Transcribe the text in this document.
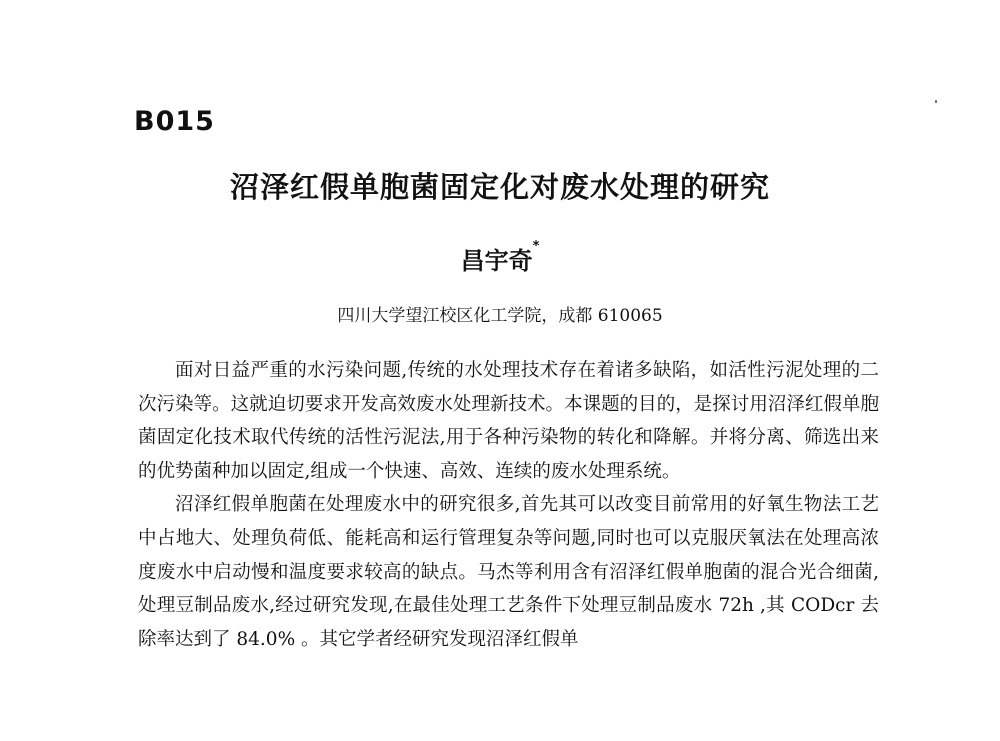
B015
沼泽红假单胞菌固定化对废水处理的研究
昌宇奇*
四川大学望江校区化工学院，成都 610065

面对日益严重的水污染问题,传统的水处理技术存在着诸多缺陷，如活性污泥处理的二次污染等。这就迫切要求开发高效废水处理新技术。本课题的目的，是探讨用沼泽红假单胞菌固定化技术取代传统的活性污泥法,用于各种污染物的转化和降解。并将分离、筛选出来的优势菌种加以固定,组成一个快速、高效、连续的废水处理系统。

沼泽红假单胞菌在处理废水中的研究很多,首先其可以改变目前常用的好氧生物法工艺中占地大、处理负荷低、能耗高和运行管理复杂等问题,同时也可以克服厌氧法在处理高浓度废水中启动慢和温度要求较高的缺点。马杰等利用含有沼泽红假单胞菌的混合光合细菌,处理豆制品废水,经过研究发现,在最佳处理工艺条件下处理豆制品废水 72h ,其 CODcr 去除率达到了 84.0% 。其它学者经研究发现沼泽红假单
